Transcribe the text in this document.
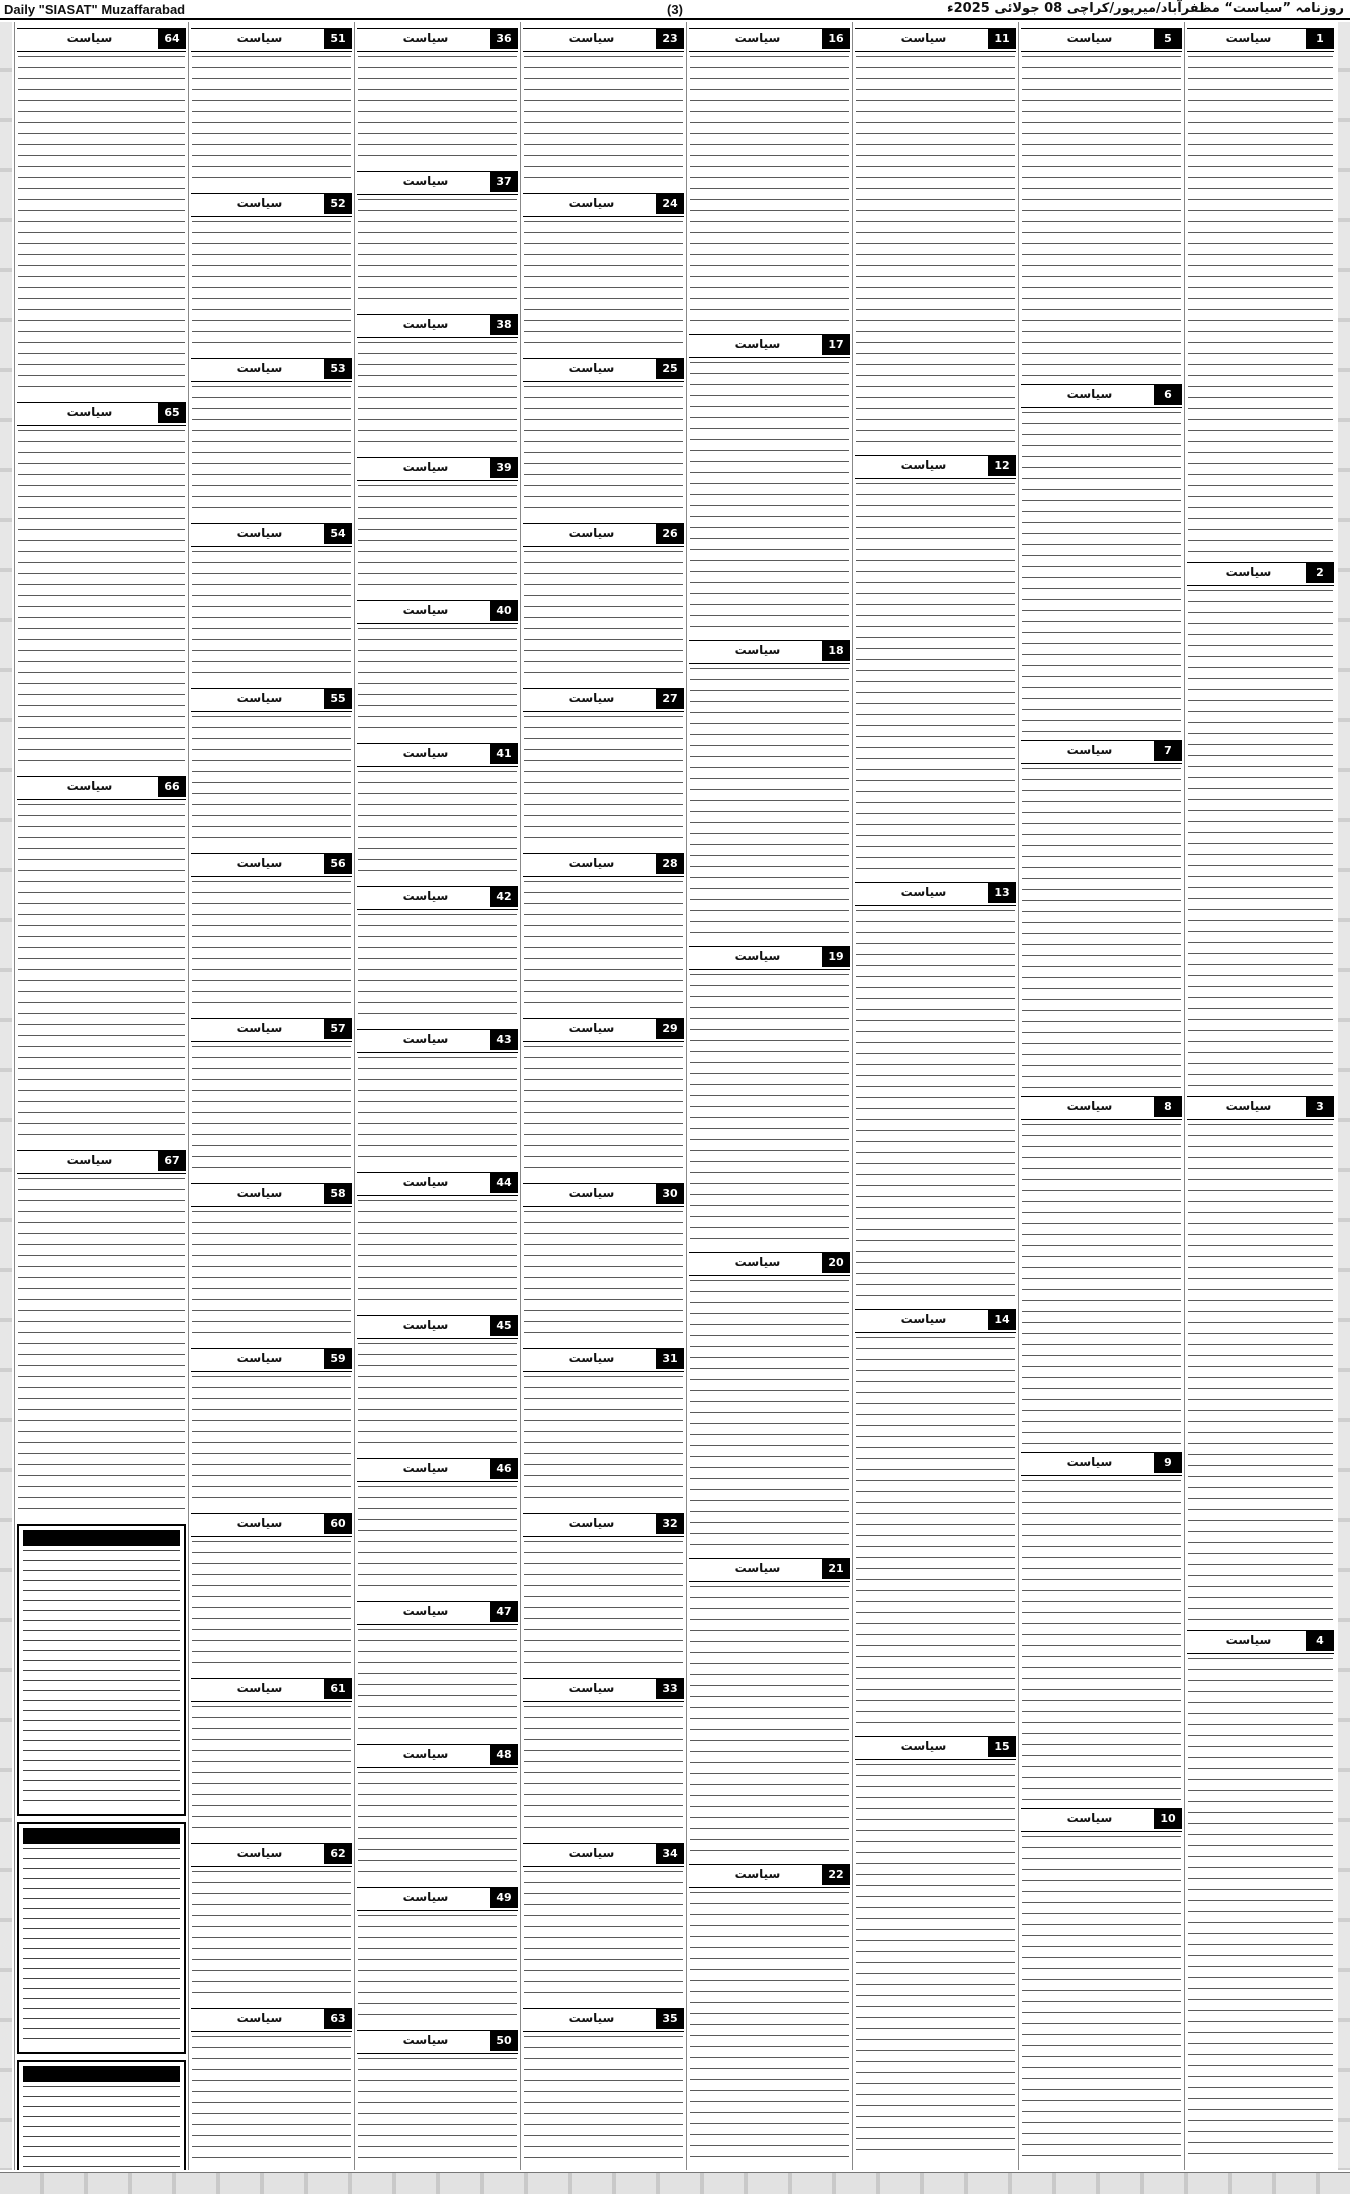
Daily "SIASAT" Muzaffarabad	(3)	روزنامہ ”سیاست“ مظفرآباد/میرپور/کراچی 08 جولائی 2025ء
سیاست	1
سیاست	2
سیاست	3
سیاست	4
سیاست	5
سیاست	6
سیاست	7
سیاست	8
سیاست	9
سیاست	10
سیاست	11
سیاست	12
سیاست	13
سیاست	14
سیاست	15
سیاست	16
سیاست	17
سیاست	18
سیاست	19
سیاست	20
سیاست	21
سیاست	22
سیاست	23
سیاست	24
سیاست	25
سیاست	26
سیاست	27
سیاست	28
سیاست	29
سیاست	30
سیاست	31
سیاست	32
سیاست	33
سیاست	34
سیاست	35
سیاست	36
سیاست	37
سیاست	38
سیاست	39
سیاست	40
سیاست	41
سیاست	42
سیاست	43
سیاست	44
سیاست	45
سیاست	46
سیاست	47
سیاست	48
سیاست	49
سیاست	50
سیاست	51
سیاست	52
سیاست	53
سیاست	54
سیاست	55
سیاست	56
سیاست	57
سیاست	58
سیاست	59
سیاست	60
سیاست	61
سیاست	62
سیاست	63
سیاست	64
سیاست	65
سیاست	66
سیاست	67
